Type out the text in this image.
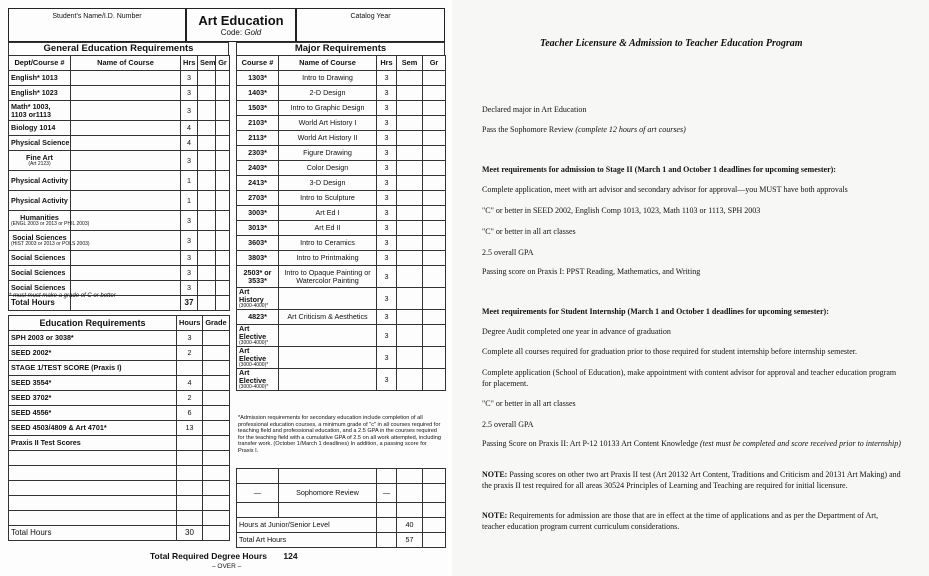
Student's Name/I.D. Number	Art Education
Code: Gold
Catalog Year
General Education Requirements
Dept/Course #	Name of Course	Hrs	Sem	Gr
English* 1013		3		
English* 1023		3		
Math* 1003, 1103 or1113		3		
Biology 1014		4		
Physical Science		4		
Fine Art
(Art 2123)		3		
Physical Activity		1		
Physical Activity		1		
Humanities
(ENGL 2003 or 2013 or PHIL 2003)		3		
Social Sciences
(HIST 2003 or 2013 or POLS 2003)		3		
Social Sciences		3		
Social Sciences		3		
Social Sciences		3		
Total Hours		37		
* must must make a grade of C or better
Education Requirements	Hours	Grade
SPH 2003 or 3038*	3	
SEED 2002*	2	
STAGE 1/TEST SCORE (Praxis I)		
SEED 3554*	4	
SEED 3702*	2	
SEED 4556*	6	
SEED 4503/4809 & Art 4701*	13	
Praxis II Test Scores		

Total Hours	30	
Major Requirements
Course #	Name of Course	Hrs	Sem	Gr
1303*	Intro to Drawing	3		
1403*	2-D Design	3		
1503*	Intro to Graphic Design	3		
2103*	World Art History I	3		
2113*	World Art History II	3		
2303*	Figure Drawing	3		
2403*	Color Design	3		
2413*	3-D Design	3		
2703*	Intro to Sculpture	3		
3003*	Art Ed I	3		
3013*	Art Ed II	3		
3603*	Intro to Ceramics	3		
3803*	Intro to Printmaking	3		
2503* or 3533*	Intro to Opaque Painting or Watercolor Painting	3		
Art History
(3000-4000)*		3		
4823*	Art Criticism & Aesthetics	3		
Art Elective
(3000-4000)*		3		
Art Elective
(3000-4000)*		3		
Art Elective
(3000-4000)*		3		
*Admission requirements for secondary education include completion of all professional education courses, a minimum grade of "c" in all courses required for teaching field and professional education, and a 2.5 GPA in the courses required for the teaching field with a cumulative GPA of 2.5 on all work attempted, including transfer work. (October 1/March 1 deadlines) In addition, a passing score for Praxis I.

—	Sophomore Review	—		

Hours at Junior/Senior Level			40	
Total Art Hours			57	
Total Required Degree Hours 124
– OVER –
Teacher Licensure & Admission to Teacher Education Program
Declared major in Art Education
Pass the Sophomore Review (complete 12 hours of art courses)
Meet requirements for admission to Stage II (March 1 and October 1 deadlines for upcoming semester):
Complete application, meet with art advisor and secondary advisor for approval—you MUST have both approvals
"C" or better in SEED 2002, English Comp 1013, 1023, Math 1103 or 1113, SPH 2003
"C" or better in all art classes
2.5 overall GPA
Passing score on Praxis I: PPST Reading, Mathematics, and Writing
Meet requirements for Student Internship (March 1 and October 1 deadlines for upcoming semester):
Degree Audit completed one year in advance of graduation
Complete all courses required for graduation prior to those required for student internship before internship semester.
Complete application (School of Education), make appointment with content advisor for approval and teacher education program for placement.
"C" or better in all art classes
2.5 overall GPA
Passing Score on Praxis II: Art P-12 10133 Art Content Knowledge (test must be completed and score received prior to internship)
NOTE: Passing scores on other two art Praxis II test (Art 20132 Art Content, Traditions and Criticism and 20131 Art Making) and the praxis II test required for all areas 30524 Principles of Learning and Teaching are required for initial licensure.
NOTE: Requirements for admission are those that are in effect at the time of applications and as per the Department of Art, teacher education program current curriculum considerations.
